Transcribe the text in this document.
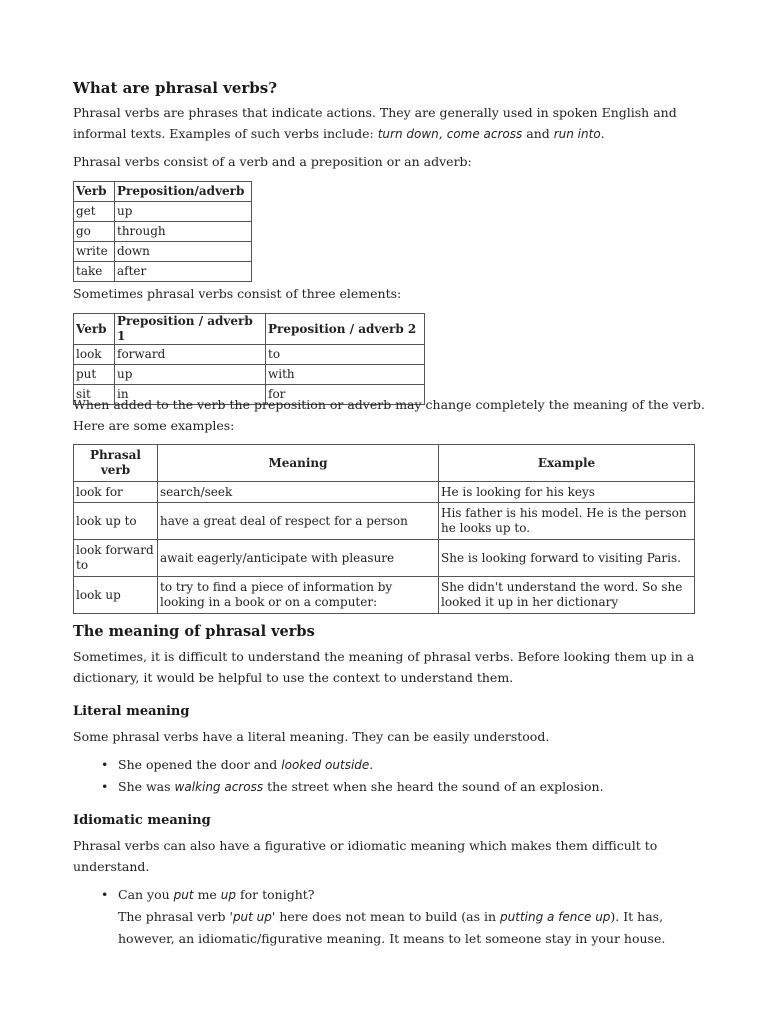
What are phrasal verbs?

Phrasal verbs are phrases that indicate actions. They are generally used in spoken English and
informal texts. Examples of such verbs include: turn down, come across and run into.

Phrasal verbs consist of a verb and a preposition or an adverb:

Verb	Preposition/adverb
get	up
go	through
write	down
take	after

Sometimes phrasal verbs consist of three elements:

Verb	Preposition / adverb 1	Preposition / adverb 2
look	forward	to
put	up	with
sit	in	for

When added to the verb the preposition or adverb may change completely the meaning of the verb.
Here are some examples:

Phrasal verb	Meaning	Example
look for	search/seek	He is looking for his keys
look up to	have a great deal of respect for a person	His father is his model. He is the person he looks up to.
look forward to	await eagerly/anticipate with pleasure	She is looking forward to visiting Paris.
look up	to try to find a piece of information by looking in a book or on a computer:	She didn't understand the word. So she looked it up in her dictionary
The meaning of phrasal verbs

Sometimes, it is difficult to understand the meaning of phrasal verbs. Before looking them up in a
dictionary, it would be helpful to use the context to understand them.

Literal meaning

Some phrasal verbs have a literal meaning. They can be easily understood.

• She opened the door and looked outside.
• She was walking across the street when she heard the sound of an explosion.
Idiomatic meaning

Phrasal verbs can also have a figurative or idiomatic meaning which makes them difficult to
understand.

• Can you put me up for tonight?
The phrasal verb 'put up' here does not mean to build (as in putting a fence up). It has,
however, an idiomatic/figurative meaning. It means to let someone stay in your house.
